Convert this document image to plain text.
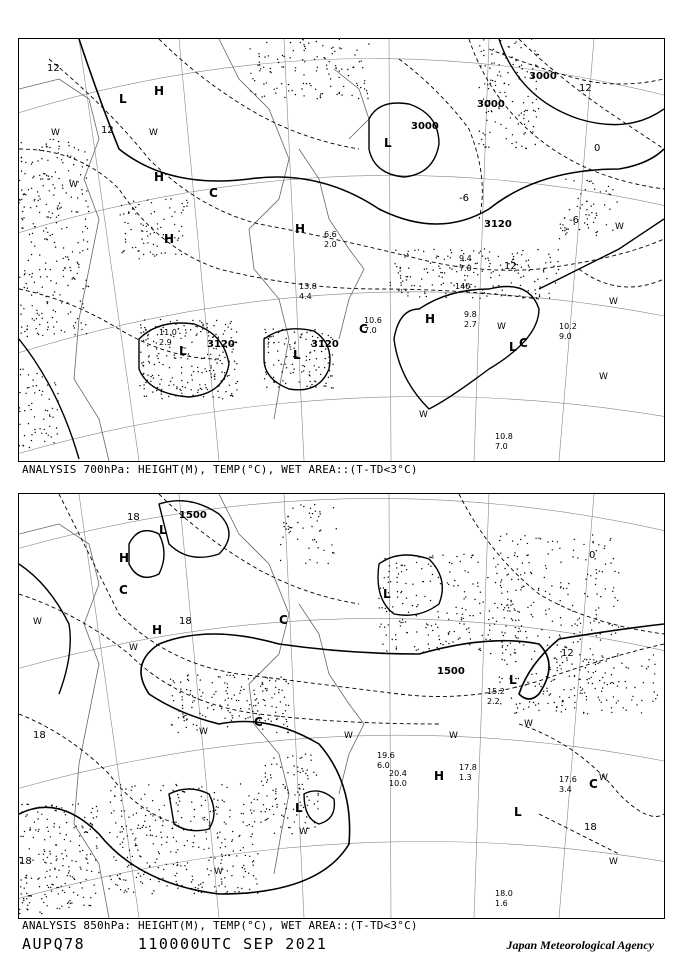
3000
3000
3120	3120
3120
3000
12
12
12
0
-6
-6
12
L
H
H
H
L
L
H
H
L
C
C
C
L
W
W
W
W
W
W
W
W
10.8
7.0
9.8
2.7	10.2
9.0
11.0
2.9
10.6
7.0
13.8
4.4
9.4
7.0
6.6
2.0
140
ANALYSIS 700hPa: HEIGHT(M), TEMP(°C), WET AREA::(T-TD<3°C)
1500
1500
18
18
18
18
12
0
18
L
H
H
L
L
H
L
L
C
C
C
C
W
W
W
W
W
W
W
W
W
W
18.0
1.6
17.8
1.3	17.6
3.4
20.4
10.0
19.6
6.0
15.2
2.2
ANALYSIS 850hPa: HEIGHT(M), TEMP(°C), WET AREA::(T-TD<3°C)
AUPQ78	110000UTC SEP 2021	Japan Meteorological Agency
